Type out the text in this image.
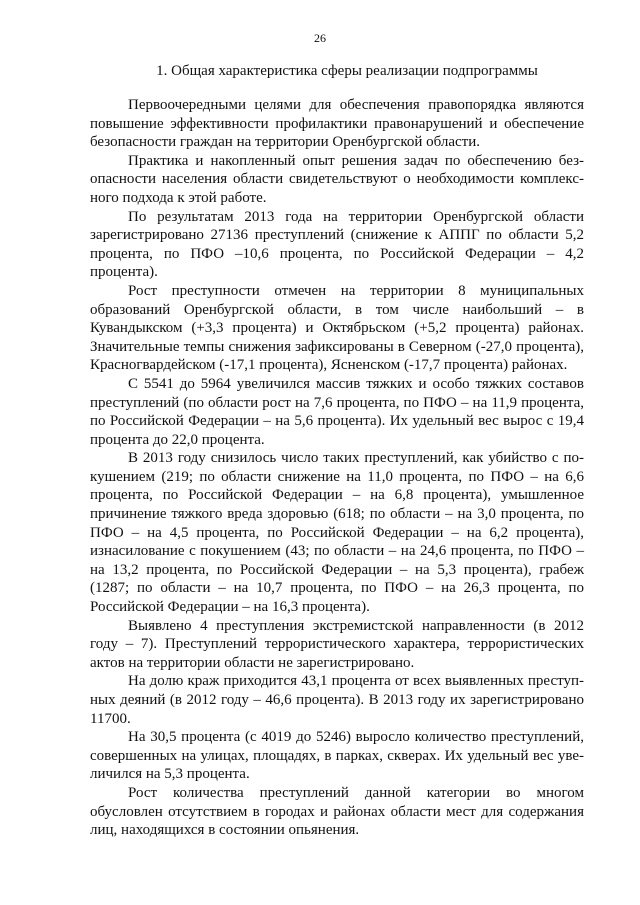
26
1. Общая характеристика сферы реализации подпрограммы

Первоочередными целями для обеспечения правопорядка являются повышение эффективности профилактики правонарушений и обеспечение безопасности граждан на территории Оренбургской области.

Практика и накопленный опыт решения задач по обеспечению безопасности населения области свидетельствуют о необходимости комплексного подхода к этой работе.

По результатам 2013 года на территории Оренбургской области зарегистрировано 27136 преступлений (снижение к АППГ по области 5,2 процента, по ПФО –10,6 процента, по Российской Федерации – 4,2 процента).

Рост преступности отмечен на территории 8 муниципальных образований Оренбургской области, в том числе наибольший – в Кувандыкском (+3,3 процента) и Октябрьском (+5,2 процента) районах. Значительные темпы снижения зафиксированы в Северном (-27,0 процента), Красногвардейском (-17,1 процента), Ясненском (-17,7 процента) районах.

С 5541 до 5964 увеличился массив тяжких и особо тяжких составов преступлений (по области рост на 7,6 процента, по ПФО – на 11,9 процента, по Российской Федерации – на 5,6 процента). Их удельный вес вырос с 19,4 процента до 22,0 процента.

В 2013 году снизилось число таких преступлений, как убийство с покушением (219; по области снижение на 11,0 процента, по ПФО – на 6,6 процента, по Российской Федерации – на 6,8 процента), умышленное причинение тяжкого вреда здоровью (618; по области – на 3,0 процента, по ПФО – на 4,5 процента, по Российской Федерации – на 6,2 процента), изнасилование с покушением (43; по области – на 24,6 процента, по ПФО – на 13,2 процента, по Российской Федерации – на 5,3 процента), грабеж (1287; по области – на 10,7 процента, по ПФО – на 26,3 процента, по Российской Федерации – на 16,3 процента).

Выявлено 4 преступления экстремистской направленности (в 2012 году – 7). Преступлений террористического характера, террористических актов на территории области не зарегистрировано.

На долю краж приходится 43,1 процента от всех выявленных преступных деяний (в 2012 году – 46,6 процента). В 2013 году их зарегистрировано 11700.

На 30,5 процента (с 4019 до 5246) выросло количество преступлений, совершенных на улицах, площадях, в парках, скверах. Их удельный вес увеличился на 5,3 процента.

Рост количества преступлений данной категории во многом обусловлен отсутствием в городах и районах области мест для содержания лиц, находящихся в состоянии опьянения.
